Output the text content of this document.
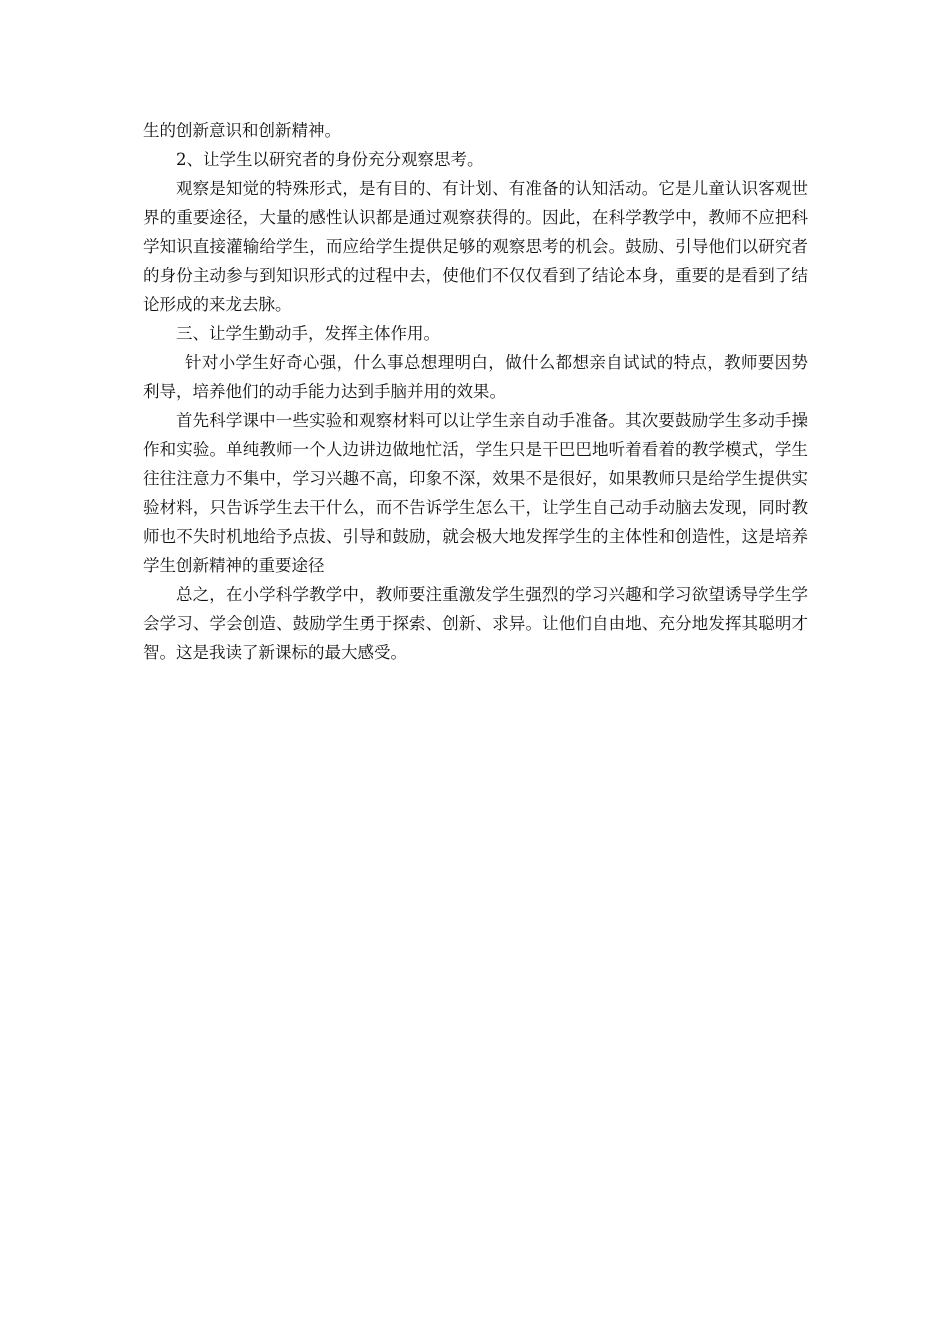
生的创新意识和创新精神。

2、让学生以研究者的身份充分观察思考。

观察是知觉的特殊形式，是有目的、有计划、有准备的认知活动。它是儿童认识客观世界的重要途径，大量的感性认识都是通过观察获得的。因此，在科学教学中，教师不应把科学知识直接灌输给学生，而应给学生提供足够的观察思考的机会。鼓励、引导他们以研究者的身份主动参与到知识形式的过程中去，使他们不仅仅看到了结论本身，重要的是看到了结论形成的来龙去脉。

三、让学生勤动手，发挥主体作用。

针对小学生好奇心强，什么事总想理明白，做什么都想亲自试试的特点，教师要因势利导，培养他们的动手能力达到手脑并用的效果。

首先科学课中一些实验和观察材料可以让学生亲自动手准备。其次要鼓励学生多动手操作和实验。单纯教师一个人边讲边做地忙活，学生只是干巴巴地听着看着的教学模式，学生往往注意力不集中，学习兴趣不高，印象不深，效果不是很好，如果教师只是给学生提供实验材料，只告诉学生去干什么，而不告诉学生怎么干，让学生自己动手动脑去发现，同时教师也不失时机地给予点拔、引导和鼓励，就会极大地发挥学生的主体性和创造性，这是培养学生创新精神的重要途径

总之，在小学科学教学中，教师要注重激发学生强烈的学习兴趣和学习欲望诱导学生学会学习、学会创造、鼓励学生勇于探索、创新、求异。让他们自由地、充分地发挥其聪明才智。这是我读了新课标的最大感受。
